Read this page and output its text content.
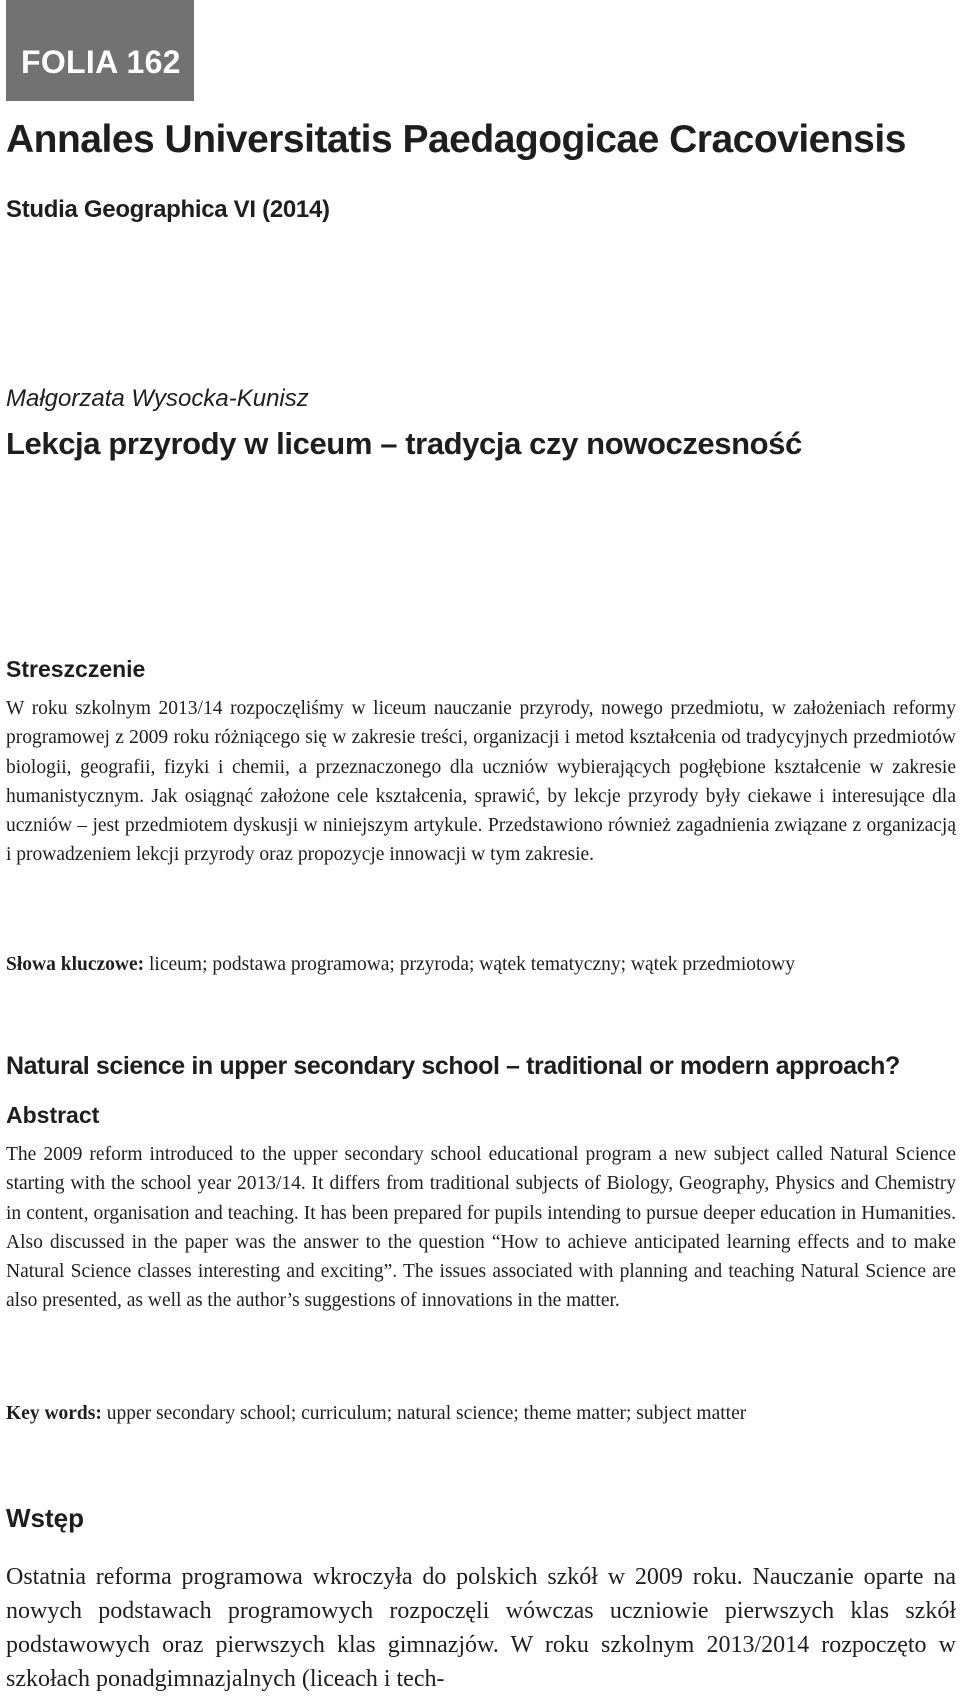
FOLIA 162
Annales Universitatis Paedagogicae Cracoviensis
Studia Geographica VI (2014)
Małgorzata Wysocka-Kunisz
Lekcja przyrody w liceum – tradycja czy nowoczesność
Streszczenie
W roku szkolnym 2013/14 rozpoczęliśmy w liceum nauczanie przyrody, nowego przedmiotu, w założeniach reformy programowej z 2009 roku różniącego się w zakresie treści, organizacji i metod kształcenia od tradycyjnych przedmiotów biologii, geografii, fizyki i chemii, a przeznaczonego dla uczniów wybierających pogłębione kształcenie w zakresie humanistycznym. Jak osiągnąć założone cele kształcenia, sprawić, by lekcje przyrody były ciekawe i interesujące dla uczniów – jest przedmiotem dyskusji w niniejszym artykule. Przedstawiono również zagadnienia związane z organizacją i prowadzeniem lekcji przyrody oraz propozycje innowacji w tym zakresie.
Słowa kluczowe: liceum; podstawa programowa; przyroda; wątek tematyczny; wątek przedmiotowy
Natural science in upper secondary school – traditional or modern approach?
Abstract
The 2009 reform introduced to the upper secondary school educational program a new subject called Natural Science starting with the school year 2013/14. It differs from traditional subjects of Biology, Geography, Physics and Chemistry in content, organisation and teaching. It has been prepared for pupils intending to pursue deeper education in Humanities. Also discussed in the paper was the answer to the question “How to achieve anticipated learning effects and to make Natural Science classes interesting and exciting”. The issues associated with planning and teaching Natural Science are also presented, as well as the author’s suggestions of innovations in the matter.
Key words: upper secondary school; curriculum; natural science; theme matter; subject matter
Wstęp
Ostatnia reforma programowa wkroczyła do polskich szkół w 2009 roku. Nauczanie oparte na nowych podstawach programowych rozpoczęli wówczas uczniowie pierwszych klas szkół podstawowych oraz pierwszych klas gimnazjów. W roku szkolnym 2013/2014 rozpoczęto w szkołach ponadgimnazjalnych (liceach i tech-
